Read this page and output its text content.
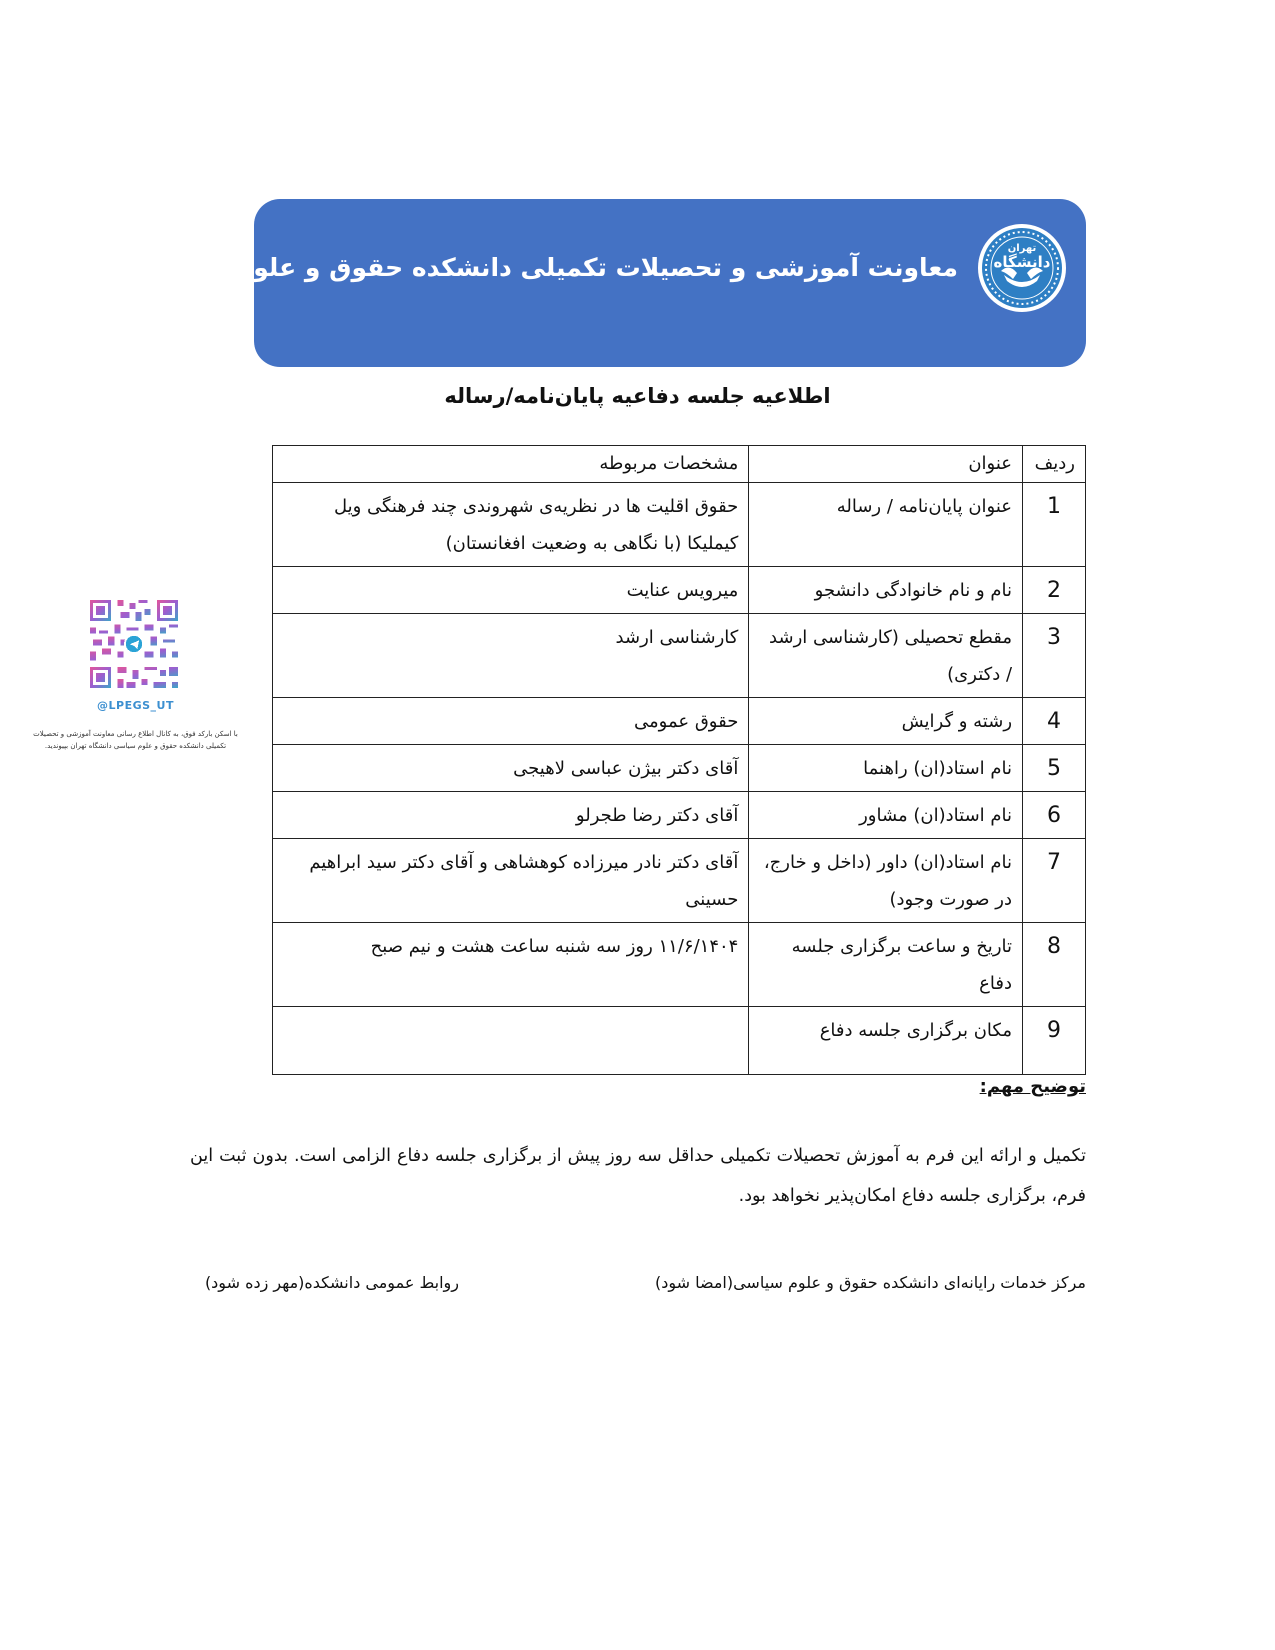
معاونت آموزشی و تحصیلات تکمیلی دانشکده حقوق و علوم سیاسی دانشگاه
تهران
اطلاعیه جلسه دفاعیه پایان‌نامه/رساله
ردیف	عنوان	مشخصات مربوطه
1	عنوان پایان‌نامه / رساله	حقوق اقلیت ها در نظریه‌ی شهروندی چند فرهنگی ویل کیملیکا (با نگاهی به وضعیت افغانستان)
2	نام و نام خانوادگی دانشجو	میرویس عنایت
3	مقطع تحصیلی (کارشناسی ارشد / دکتری)	کارشناسی ارشد
4	رشته و گرایش	حقوق عمومی
5	نام استاد(ان) راهنما	آقای دکتر بیژن عباسی لاهیجی
6	نام استاد(ان) مشاور	آقای دکتر رضا طجرلو
7	نام استاد(ان) داور (داخل و خارج، در صورت وجود)	آقای دکتر نادر میرزاده کوهشاهی و آقای دکتر سید ابراهیم حسینی
8	تاریخ و ساعت برگزاری جلسه دفاع	۱۱/۶/۱۴۰۴ روز سه شنبه ساعت هشت و نیم صبح
9	مکان برگزاری جلسه دفاع	
@LPEGS_UT
با اسکن بارکد فوق، به کانال اطلاع رسانی معاونت آموزشی و تحصیلات تکمیلی دانشکده حقوق و علوم سیاسی دانشگاه تهران بپیوندید.
توضیح مهم:

تکمیل و ارائه این فرم به آموزش تحصیلات تکمیلی حداقل سه روز پیش از برگزاری جلسه دفاع الزامی است. بدون ثبت این فرم، برگزاری جلسه دفاع امکان‌پذیر نخواهد بود.

مرکز خدمات رایانه‌ای دانشکده حقوق و علوم سیاسی(امضا شود)

روابط عمومی دانشکده(مهر زده شود)
